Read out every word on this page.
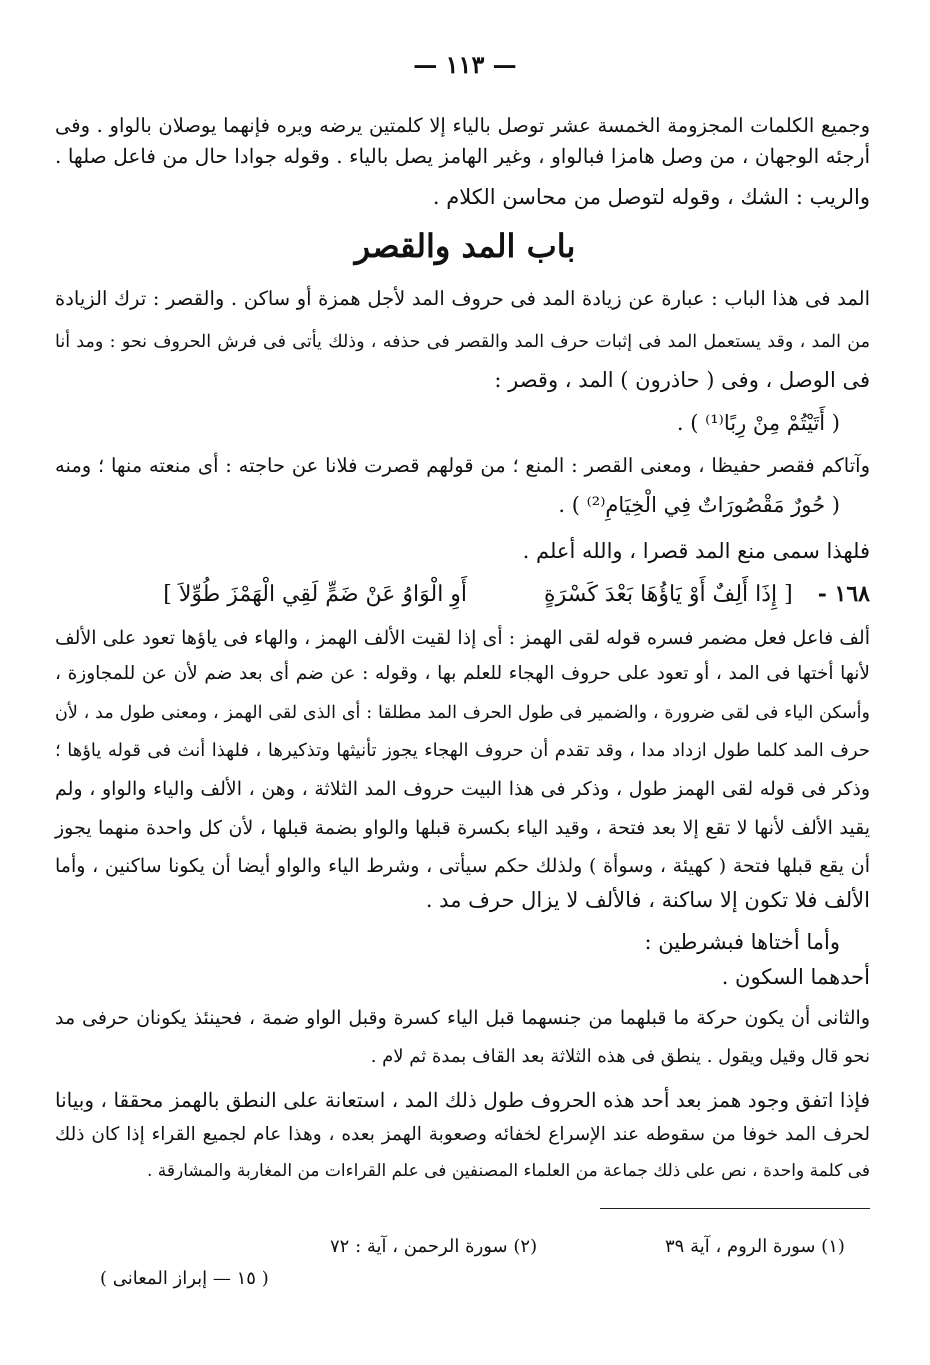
— ١١٣ —
وجميع الكلمات المجزومة الخمسة عشر توصل بالياء إلا كلمتين يرضه ويره فإنهما يوصلان بالواو . وفى
أرجئه الوجهان ، من وصل هامزا فبالواو ، وغير الهامز يصل بالياء . وقوله جوادا حال من فاعل صلها .
والريب : الشك ، وقوله لتوصل من محاسن الكلام .
باب المد والقصر
المد فى هذا الباب : عبارة عن زيادة المد فى حروف المد لأجل همزة أو ساكن . والقصر : ترك الزيادة
من المد ، وقد يستعمل المد فى إثبات حرف المد والقصر فى حذفه ، وذلك يأتى فى فرش الحروف نحو : ومد أنا
فى الوصل ، وفى ( حاذرون ) المد ، وقصر :
( أَتَيْتُمْ مِنْ رِبًا⁽¹⁾ ) .
وآتاكم فقصر حفيظا ، ومعنى القصر : المنع ؛ من قولهم قصرت فلانا عن حاجته : أى منعته منها ؛ ومنه
( حُورٌ مَقْصُورَاتٌ فِي الْخِيَامِ⁽²⁾ ) .
فلهذا سمى منع المد قصرا ، والله أعلم .
١٦٨ - [ إِذَا أَلِفٌ أَوْ يَاؤُهَا بَعْدَ كَسْرَةٍ أَوِ الْوَاوُ عَنْ ضَمٍّ لَقِي الْهَمْزَ طُوِّلاَ ]
ألف فاعل فعل مضمر فسره قوله لقى الهمز : أى إذا لقيت الألف الهمز ، والهاء فى ياؤها تعود على الألف
لأنها أختها فى المد ، أو تعود على حروف الهجاء للعلم بها ، وقوله : عن ضم أى بعد ضم لأن عن للمجاوزة ،
وأسكن الياء فى لقى ضرورة ، والضمير فى طول الحرف المد مطلقا : أى الذى لقى الهمز ، ومعنى طول مد ، لأن
حرف المد كلما طول ازداد مدا ، وقد تقدم أن حروف الهجاء يجوز تأنيثها وتذكيرها ، فلهذا أنث فى قوله ياؤها ؛
وذكر فى قوله لقى الهمز طول ، وذكر فى هذا البيت حروف المد الثلاثة ، وهن ، الألف والياء والواو ، ولم
يقيد الألف لأنها لا تقع إلا بعد فتحة ، وقيد الياء بكسرة قبلها والواو بضمة قبلها ، لأن كل واحدة منهما يجوز
أن يقع قبلها فتحة ( كهيئة ، وسوأة ) ولذلك حكم سيأتى ، وشرط الياء والواو أيضا أن يكونا ساكنين ، وأما
الألف فلا تكون إلا ساكنة ، فالألف لا يزال حرف مد .
وأما أختاها فبشرطين :
أحدهما السكون .
والثانى أن يكون حركة ما قبلهما من جنسهما قبل الياء كسرة وقبل الواو ضمة ، فحينئذ يكونان حرفى مد
نحو قال وقيل ويقول . ينطق فى هذه الثلاثة بعد القاف بمدة ثم لام .
فإذا اتفق وجود همز بعد أحد هذه الحروف طول ذلك المد ، استعانة على النطق بالهمز محققا ، وبيانا
لحرف المد خوفا من سقوطه عند الإسراع لخفائه وصعوبة الهمز بعده ، وهذا عام لجميع القراء إذا كان ذلك
فى كلمة واحدة ، نص على ذلك جماعة من العلماء المصنفين فى علم القراءات من المغاربة والمشارقة .
(١) سورة الروم ، آية ٣٩
(٢) سورة الرحمن ، آية : ٧٢
( ١٥ — إبراز المعانى )
